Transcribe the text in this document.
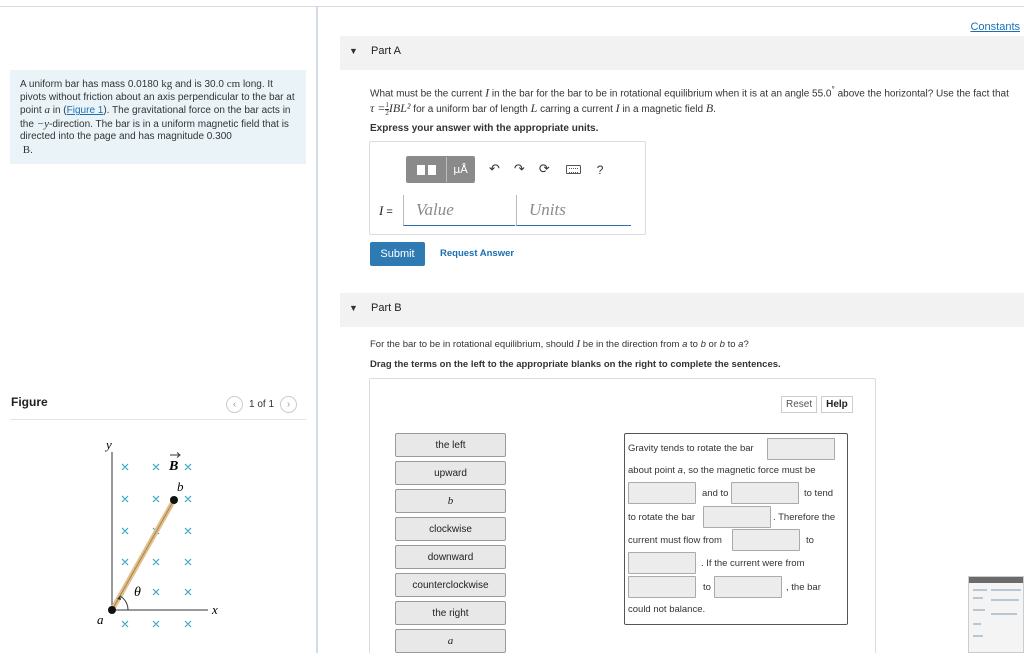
Constants
A uniform bar has mass 0.0180 kg and is 30.0 cm long. It pivots without friction about an axis perpendicular to the bar at point a in (Figure 1). The gravitational force on the bar acts in the −y-direction. The bar is in a uniform magnetic field that is directed into the page and has magnitude 0.300
B.
Figure	‹	1 of 1	›
y
x
θ
a
b
B
▼ Part A
What must be the current I in the bar for the bar to be in rotational equilibrium when it is at an angle 55.0° above the horizontal? Use the fact that
$\tau = \frac{1}{2} IBL^2$ for a uniform bar of length L carring a current I in a magnetic field B.
Express your answer with the appropriate units.
μÅ	↶ ↷ ⟳	?
I =
Value
Units
Submit	Request Answer
▼ Part B
For the bar to be in rotational equilibrium, should I be in the direction from a to b or b to a?
Drag the terms on the left to the appropriate blanks on the right to complete the sentences.
Reset	Help
the left
upward
b
clockwise
downward
counterclockwise
the right
a
Gravity tends to rotate the bar
about point a, so the magnetic force must be
and to	to tend
to rotate the bar	. Therefore the
current must flow from	to
. If the current were from
to	, the bar
could not balance.
